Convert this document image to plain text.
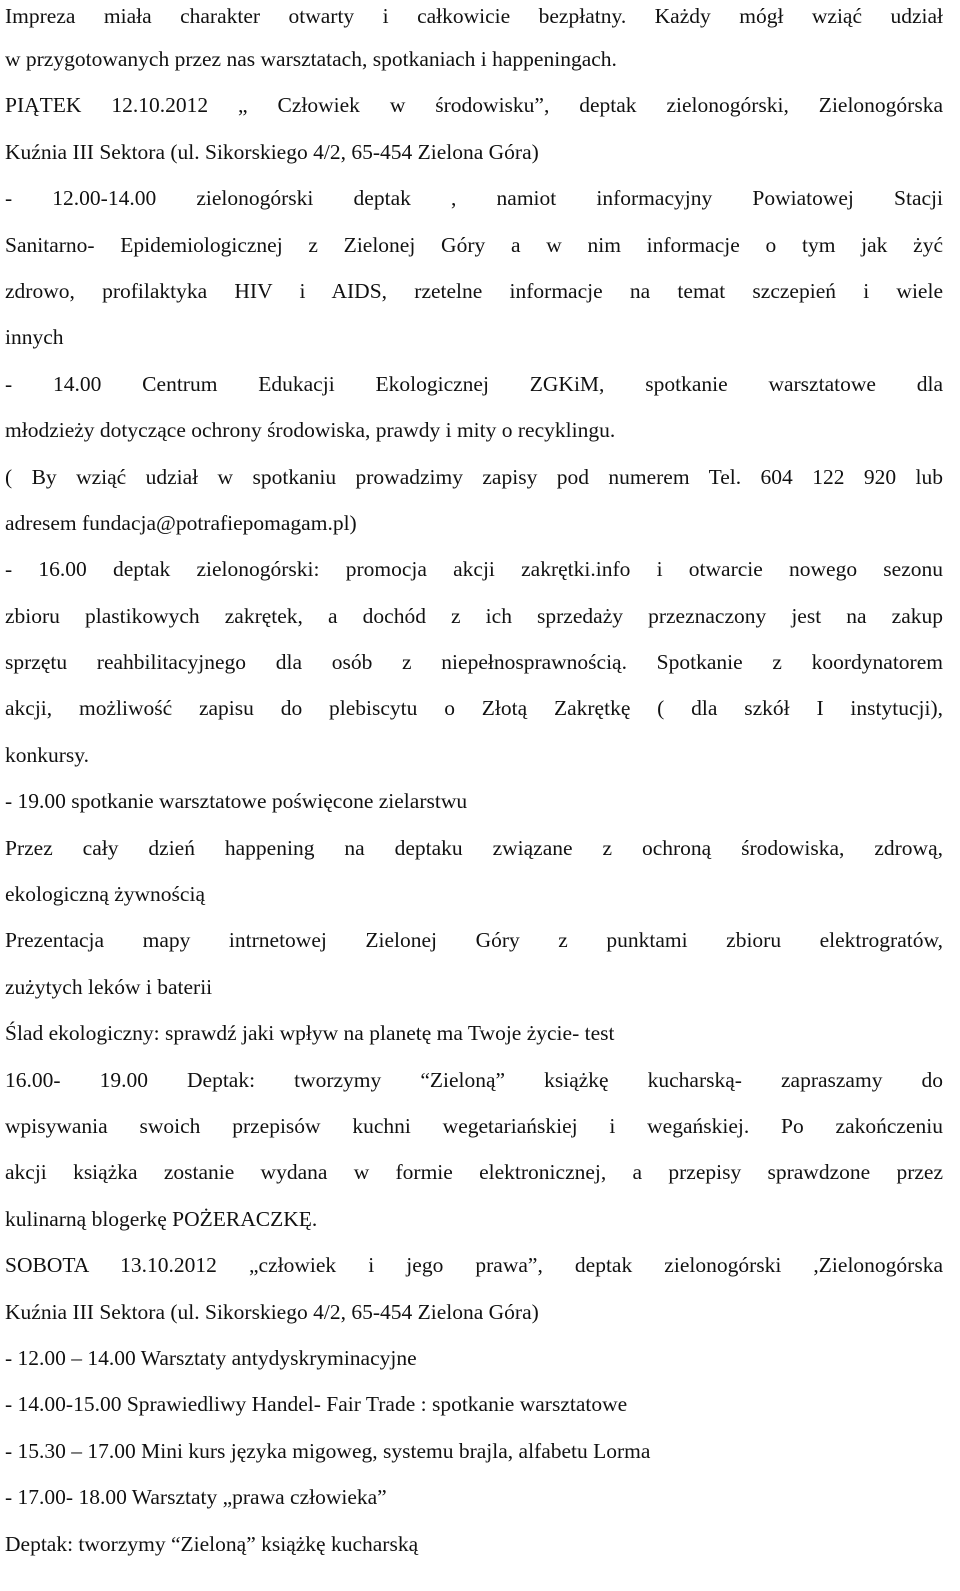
Impreza miała charakter otwarty i całkowicie bezpłatny. Każdy mógł wziąć udział
w przygotowanych przez nas warsztatach, spotkaniach i happeningach.
PIĄTEK 12.10.2012 „ Człowiek w środowisku”, deptak zielonogórski, Zielonogórska
Kuźnia III Sektora (ul. Sikorskiego 4/2, 65-454 Zielona Góra)
- 12.00-14.00 zielonogórski deptak , namiot informacyjny Powiatowej Stacji
Sanitarno- Epidemiologicznej z Zielonej Góry a w nim informacje o tym jak żyć
zdrowo, profilaktyka HIV i AIDS, rzetelne informacje na temat szczepień i wiele
innych
- 14.00 Centrum Edukacji Ekologicznej ZGKiM, spotkanie warsztatowe dla
młodzieży dotyczące ochrony środowiska, prawdy i mity o recyklingu.
( By wziąć udział w spotkaniu prowadzimy zapisy pod numerem Tel. 604 122 920 lub
adresem fundacja@potrafiepomagam.pl)
- 16.00 deptak zielonogórski: promocja akcji zakrętki.info i otwarcie nowego sezonu
zbioru plastikowych zakrętek, a dochód z ich sprzedaży przeznaczony jest na zakup
sprzętu reahbilitacyjnego dla osób z niepełnosprawnością. Spotkanie z koordynatorem
akcji, możliwość zapisu do plebiscytu o Złotą Zakrętkę ( dla szkół I instytucji),
konkursy.
- 19.00 spotkanie warsztatowe poświęcone zielarstwu
Przez cały dzień happening na deptaku związane z ochroną środowiska, zdrową,
ekologiczną żywnością
Prezentacja mapy intrnetowej Zielonej Góry z punktami zbioru elektrogratów,
zużytych leków i baterii
Ślad ekologiczny: sprawdź jaki wpływ na planetę ma Twoje życie- test
16.00- 19.00 Deptak: tworzymy “Zieloną” książkę kucharską- zapraszamy do
wpisywania swoich przepisów kuchni wegetariańskiej i wegańskiej. Po zakończeniu
akcji książka zostanie wydana w formie elektronicznej, a przepisy sprawdzone przez
kulinarną blogerkę POŻERACZKĘ.
SOBOTA 13.10.2012 „człowiek i jego prawa”, deptak zielonogórski ,Zielonogórska
Kuźnia III Sektora (ul. Sikorskiego 4/2, 65-454 Zielona Góra)
- 12.00 – 14.00 Warsztaty antydyskryminacyjne
- 14.00-15.00 Sprawiedliwy Handel- Fair Trade : spotkanie warsztatowe
- 15.30 – 17.00 Mini kurs języka migoweg, systemu brajla, alfabetu Lorma
- 17.00- 18.00 Warsztaty „prawa człowieka”
Deptak: tworzymy “Zieloną” książkę kucharską
